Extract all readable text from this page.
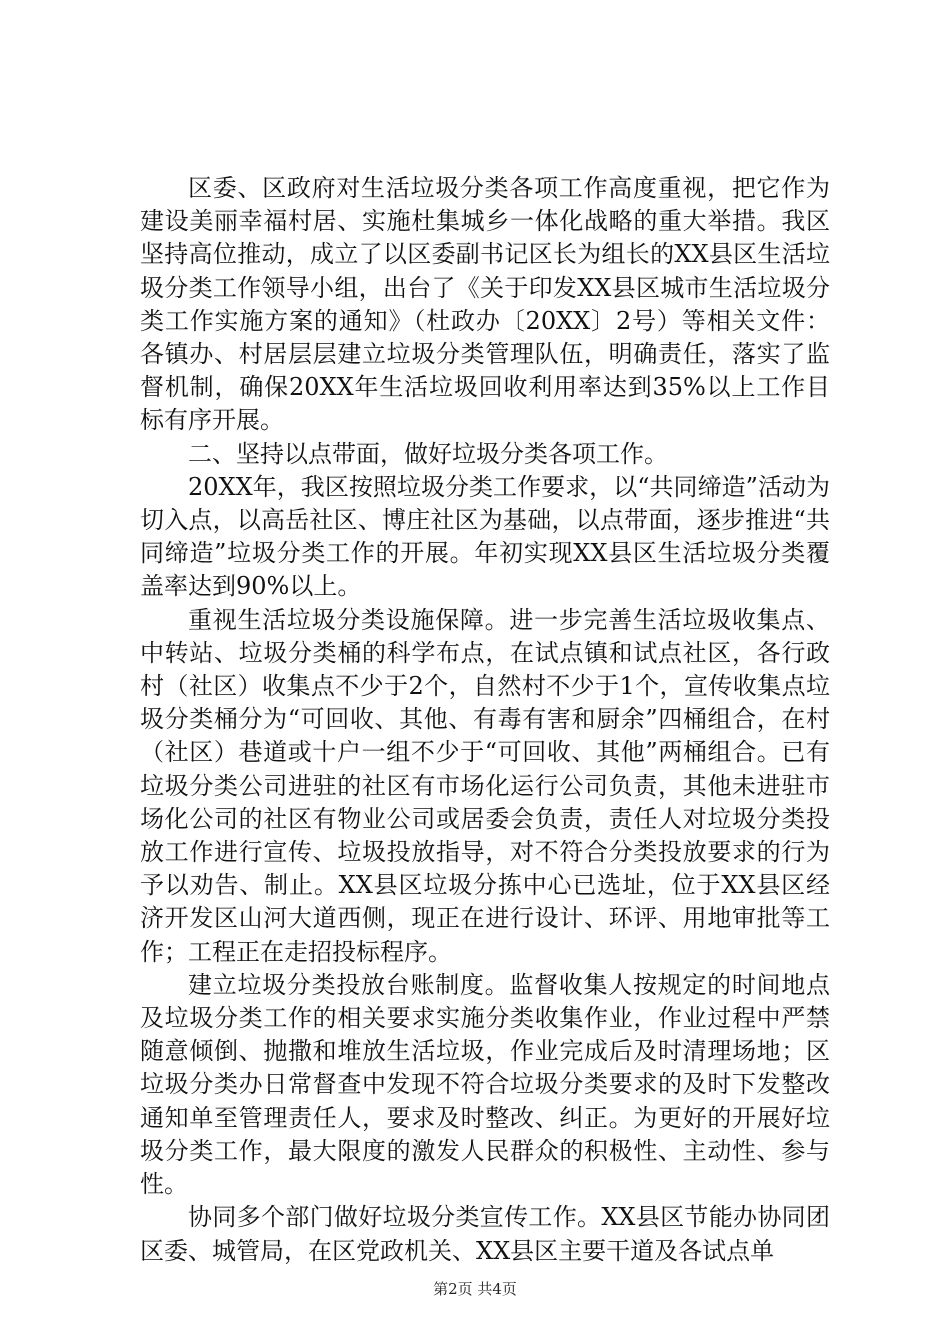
区委、区政府对生活垃圾分类各项工作高度重视，把它作为建设美丽幸福村居、实施杜集城乡一体化战略的重大举措。我区坚持高位推动，成立了以区委副书记区长为组长的XX县区生活垃圾分类工作领导小组，出台了《关于印发XX县区城市生活垃圾分类工作实施方案的通知》（杜政办〔20XX〕2号）等相关文件：各镇办、村居层层建立垃圾分类管理队伍，明确责任，落实了监督机制，确保20XX年生活垃圾回收利用率达到35%以上工作目标有序开展。

二、坚持以点带面，做好垃圾分类各项工作。

20XX年，我区按照垃圾分类工作要求，以“共同缔造”活动为切入点，以高岳社区、博庄社区为基础，以点带面，逐步推进“共同缔造”垃圾分类工作的开展。年初实现XX县区生活垃圾分类覆盖率达到90%以上。

重视生活垃圾分类设施保障。进一步完善生活垃圾收集点、中转站、垃圾分类桶的科学布点，在试点镇和试点社区，各行政村（社区）收集点不少于2个，自然村不少于1个，宣传收集点垃圾分类桶分为“可回收、其他、有毒有害和厨余”四桶组合，在村（社区）巷道或十户一组不少于“可回收、其他”两桶组合。已有垃圾分类公司进驻的社区有市场化运行公司负责，其他未进驻市场化公司的社区有物业公司或居委会负责，责任人对垃圾分类投放工作进行宣传、垃圾投放指导，对不符合分类投放要求的行为予以劝告、制止。XX县区垃圾分拣中心已选址，位于XX县区经济开发区山河大道西侧，现正在进行设计、环评、用地审批等工作；工程正在走招投标程序。

建立垃圾分类投放台账制度。监督收集人按规定的时间地点及垃圾分类工作的相关要求实施分类收集作业，作业过程中严禁随意倾倒、抛撒和堆放生活垃圾，作业完成后及时清理场地；区垃圾分类办日常督查中发现不符合垃圾分类要求的及时下发整改通知单至管理责任人，要求及时整改、纠正。为更好的开展好垃圾分类工作，最大限度的激发人民群众的积极性、主动性、参与性。

协同多个部门做好垃圾分类宣传工作。XX县区节能办协同团区委、城管局，在区党政机关、XX县区主要干道及各试点单

第2页 共4页
